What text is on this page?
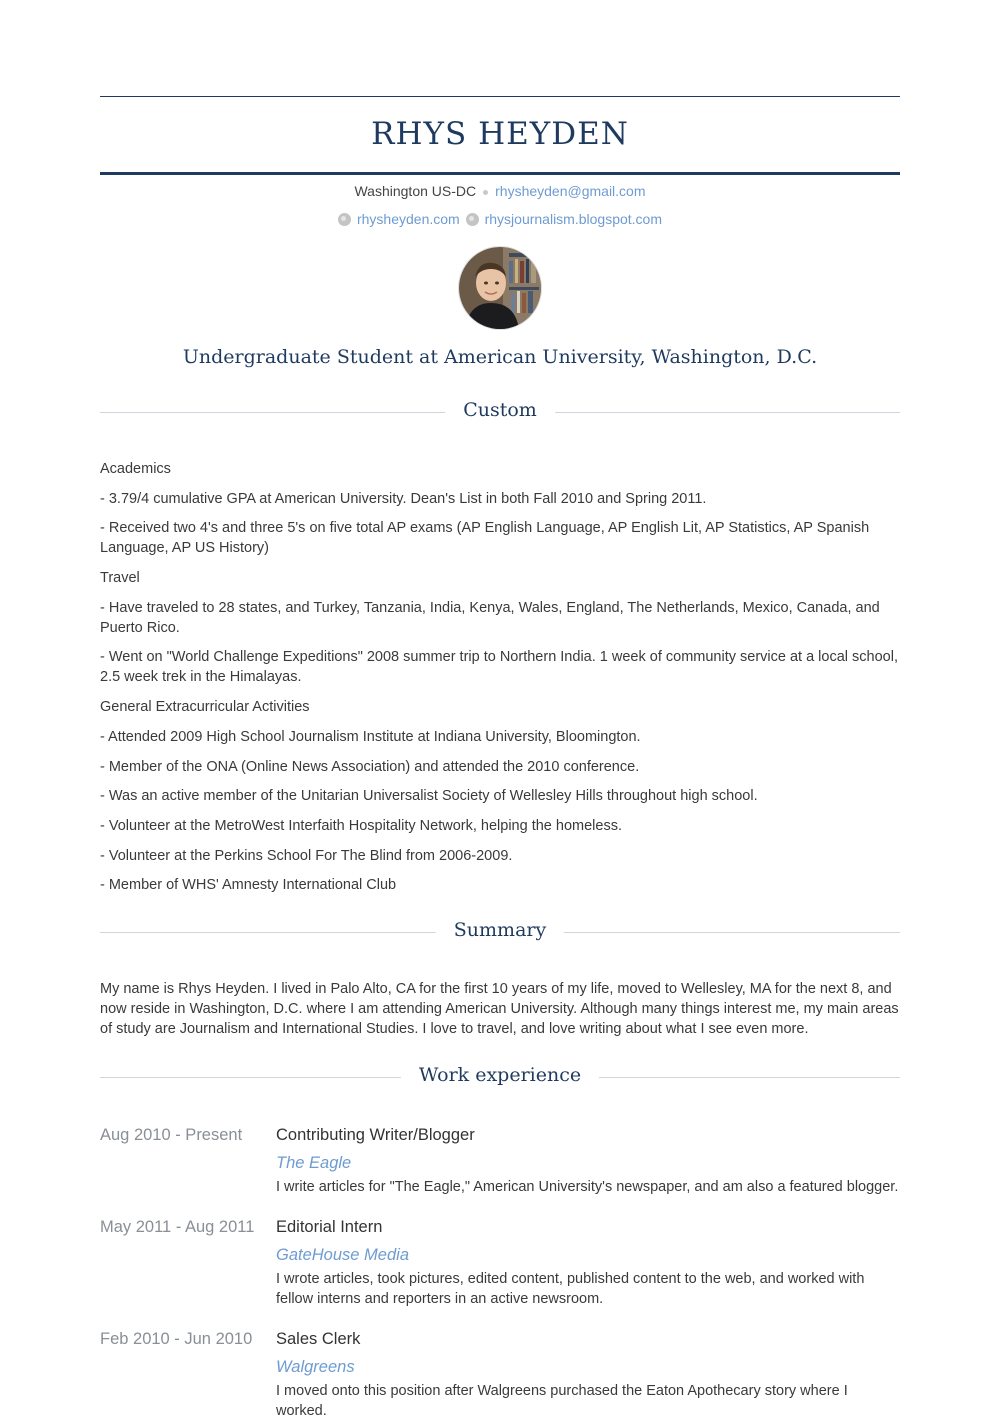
RHYS HEYDEN
Washington US-DC rhysheyden@gmail.com
rhysheyden.com rhysjournalism.blogspot.com
Undergraduate Student at American University, Washington, D.C.
Custom

Academics

- 3.79/4 cumulative GPA at American University. Dean's List in both Fall 2010 and Spring 2011.

- Received two 4's and three 5's on five total AP exams (AP English Language, AP English Lit, AP Statistics, AP Spanish Language, AP US History)

Travel

- Have traveled to 28 states, and Turkey, Tanzania, India, Kenya, Wales, England, The Netherlands, Mexico, Canada, and Puerto Rico.

- Went on "World Challenge Expeditions" 2008 summer trip to Northern India. 1 week of community service at a local school, 2.5 week trek in the Himalayas.

General Extracurricular Activities

- Attended 2009 High School Journalism Institute at Indiana University, Bloomington.

- Member of the ONA (Online News Association) and attended the 2010 conference.

- Was an active member of the Unitarian Universalist Society of Wellesley Hills throughout high school.

- Volunteer at the MetroWest Interfaith Hospitality Network, helping the homeless.

- Volunteer at the Perkins School For The Blind from 2006-2009.

- Member of WHS' Amnesty International Club

Summary

My name is Rhys Heyden. I lived in Palo Alto, CA for the first 10 years of my life, moved to Wellesley, MA for the next 8, and now reside in Washington, D.C. where I am attending American University. Although many things interest me, my main areas of study are Journalism and International Studies. I love to travel, and love writing about what I see even more.

Work experience
Aug 2010 - Present	Contributing Writer/Blogger
The Eagle
I write articles for "The Eagle," American University's newspaper, and am also a featured blogger.
May 2011 - Aug 2011	Editorial Intern
GateHouse Media
I wrote articles, took pictures, edited content, published content to the web, and worked with fellow interns and reporters in an active newsroom.
Feb 2010 - Jun 2010	Sales Clerk
Walgreens
I moved onto this position after Walgreens purchased the Eaton Apothecary story where I worked.
